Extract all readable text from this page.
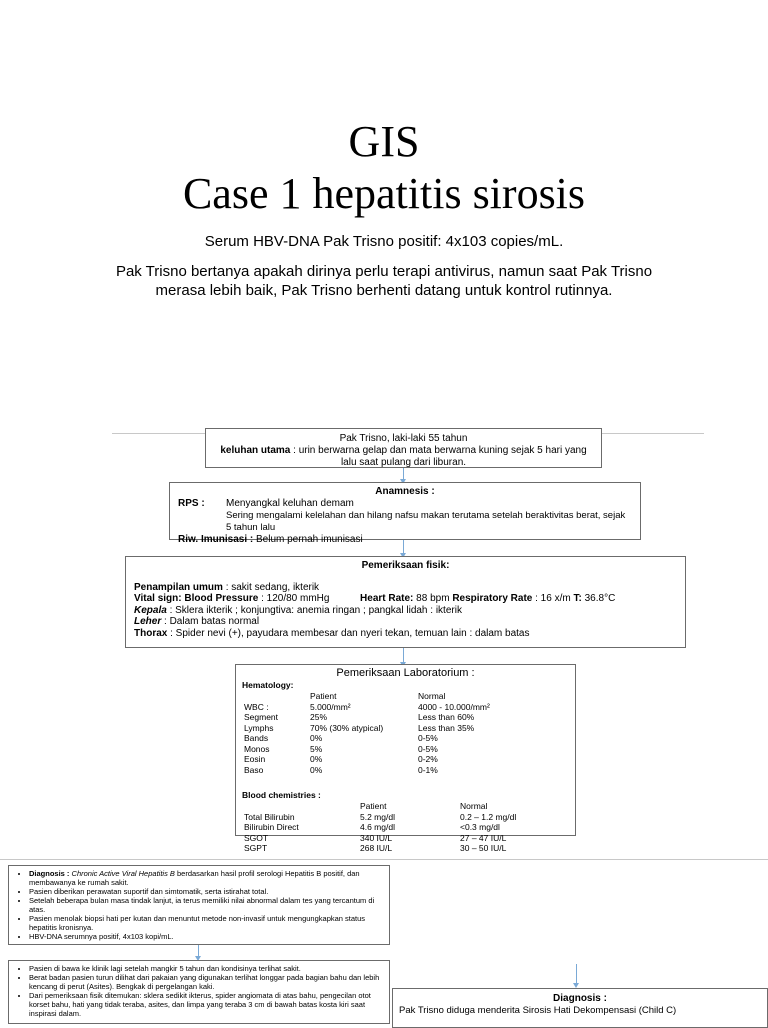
GIS
Case 1 hepatitis sirosis
Serum HBV-DNA Pak Trisno positif: 4x103 copies/mL.
Pak Trisno bertanya apakah dirinya perlu terapi antivirus, namun saat Pak Trisno merasa lebih baik, Pak Trisno berhenti datang untuk kontrol rutinnya.
Pak Trisno, laki-laki 55 tahun
keluhan utama : urin berwarna gelap dan mata berwarna kuning sejak 5 hari yang lalu saat pulang dari liburan.
Anamnesis :
RPS :	Menyangkal keluhan demam
Sering mengalami kelelahan dan hilang nafsu makan terutama setelah beraktivitas berat, sejak 5 tahun lalu
Riw. Imunisasi : Belum pernah imunisasi
Pemeriksaan fisik:
Penampilan umum : sakit sedang, ikterik
Vital sign: Blood Pressure : 120/80 mmHg	Heart Rate: 88 bpm Respiratory Rate : 16 x/m T: 36.8°C
Kepala : Sklera ikterik ; konjungtiva: anemia ringan ; pangkal lidah : ikterik
Leher : Dalam batas normal
Thorax : Spider nevi (+), payudara membesar dan nyeri tekan, temuan lain : dalam batas
Pemeriksaan Laboratorium :
Hematology:
	Patient	Normal
WBC :	5.000/mm²	4000 - 10.000/mm²
Segment	25%	Less than 60%
Lymphs	70% (30% atypical)	Less than 35%
Bands	0%	0-5%
Monos	5%	0-5%
Eosin	0%	0-2%
Baso	0%	0-1%
Blood chemistries :
	Patient	Normal
Total Bilirubin	5.2 mg/dl	0.2 – 1.2 mg/dl
Bilirubin Direct	4.6 mg/dl	<0.3 mg/dl
SGOT	340 IU/L	27 – 47 IU/L
SGPT	268 IU/L	30 – 50 IU/L
• Diagnosis : Chronic Active Viral Hepatitis B berdasarkan hasil profil serologi Hepatitis B positif, dan membawanya ke rumah sakit.
• Pasien diberikan perawatan suportif dan simtomatik, serta istirahat total.
• Setelah beberapa bulan masa tindak lanjut, ia terus memiliki nilai abnormal dalam tes yang tercantum di atas.
• Pasien menolak biopsi hati per kutan dan menuntut metode non-invasif untuk mengungkapkan status hepatitis kronisnya.
• HBV-DNA serumnya positif, 4x103 kopi/mL.
• Pasien di bawa ke klinik lagi setelah mangkir 5 tahun dan kondisinya terlihat sakit.
• Berat badan pasien turun dilihat dari pakaian yang digunakan terlihat longgar pada bagian bahu dan lebih kencang di perut (Asites). Bengkak di pergelangan kaki.
• Dari pemeriksaan fisik ditemukan: sklera sedikit ikterus, spider angiomata di atas bahu, pengecilan otot korset bahu, hati yang tidak teraba, asites, dan limpa yang teraba 3 cm di bawah batas kosta kiri saat inspirasi dalam.
Diagnosis :
Pak Trisno diduga menderita Sirosis Hati Dekompensasi (Child C)
